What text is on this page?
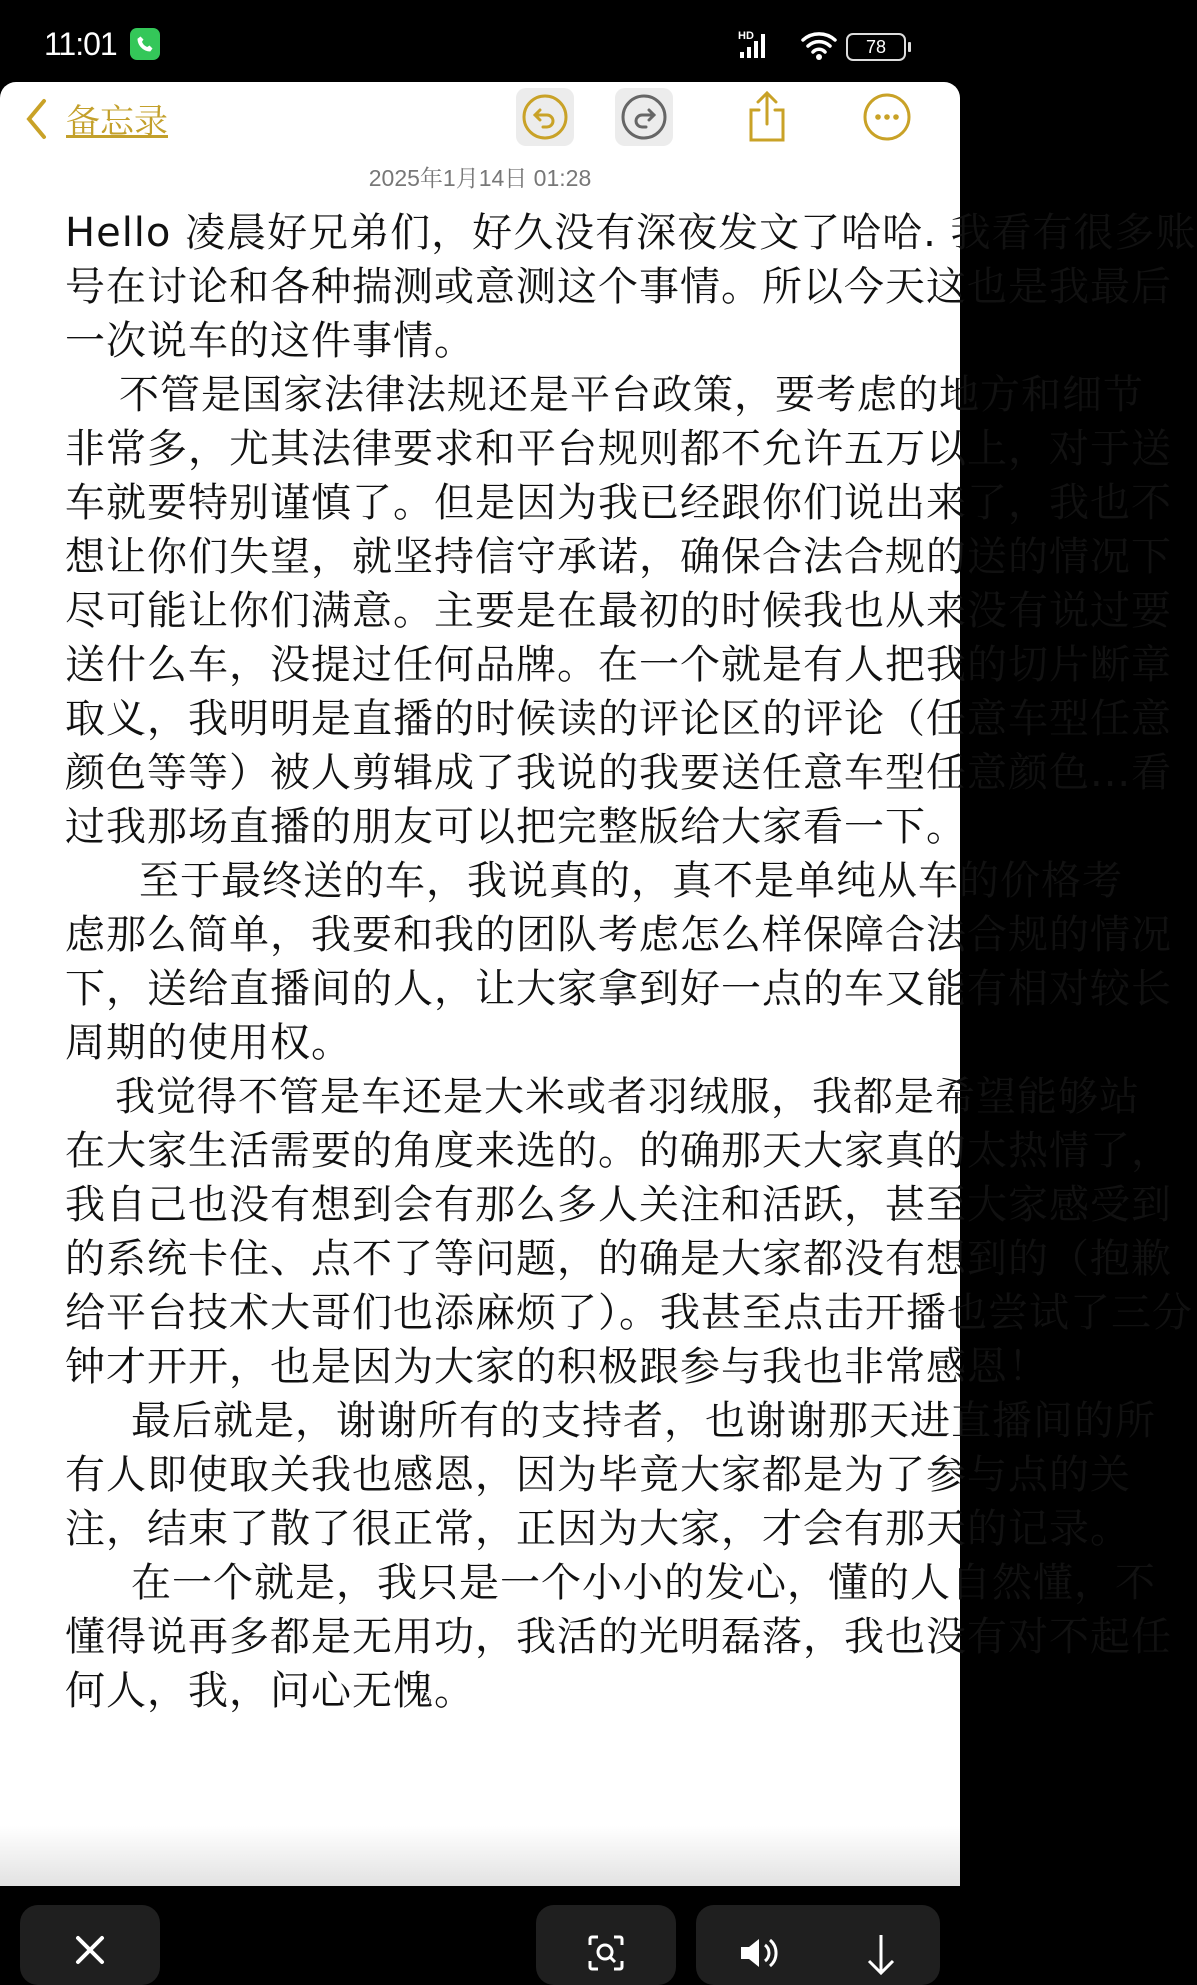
11:01	HD
78
备忘录
2025年1月14日 01:28
Hello 凌晨好兄弟们，好久没有深夜发文了哈哈. 我看有很多账
号在讨论和各种揣测或意测这个事情。所以今天这也是我最后
一次说车的这件事情。
不管是国家法律法规还是平台政策，要考虑的地方和细节
非常多，尤其法律要求和平台规则都不允许五万以上，对于送
车就要特别谨慎了。但是因为我已经跟你们说出来了，我也不
想让你们失望，就坚持信守承诺，确保合法合规的送的情况下
尽可能让你们满意。主要是在最初的时候我也从来没有说过要
送什么车，没提过任何品牌。在一个就是有人把我的切片断章
取义，我明明是直播的时候读的评论区的评论（任意车型任意
颜色等等）被人剪辑成了我说的我要送任意车型任意颜色...看
过我那场直播的朋友可以把完整版给大家看一下。
至于最终送的车，我说真的，真不是单纯从车的价格考
虑那么简单，我要和我的团队考虑怎么样保障合法合规的情况
下，送给直播间的人，让大家拿到好一点的车又能有相对较长
周期的使用权。
我觉得不管是车还是大米或者羽绒服，我都是希望能够站
在大家生活需要的角度来选的。的确那天大家真的太热情了，
我自己也没有想到会有那么多人关注和活跃，甚至大家感受到
的系统卡住、点不了等问题，的确是大家都没有想到的（抱歉
给平台技术大哥们也添麻烦了）。我甚至点击开播也尝试了三分
钟才开开，也是因为大家的积极跟参与我也非常感恩！
最后就是，谢谢所有的支持者，也谢谢那天进直播间的所
有人即使取关我也感恩，因为毕竟大家都是为了参与点的关
注，结束了散了很正常，正因为大家，才会有那天的记录。
在一个就是，我只是一个小小的发心，懂的人自然懂，不
懂得说再多都是无用功，我活的光明磊落，我也没有对不起任
何人，我，问心无愧。
